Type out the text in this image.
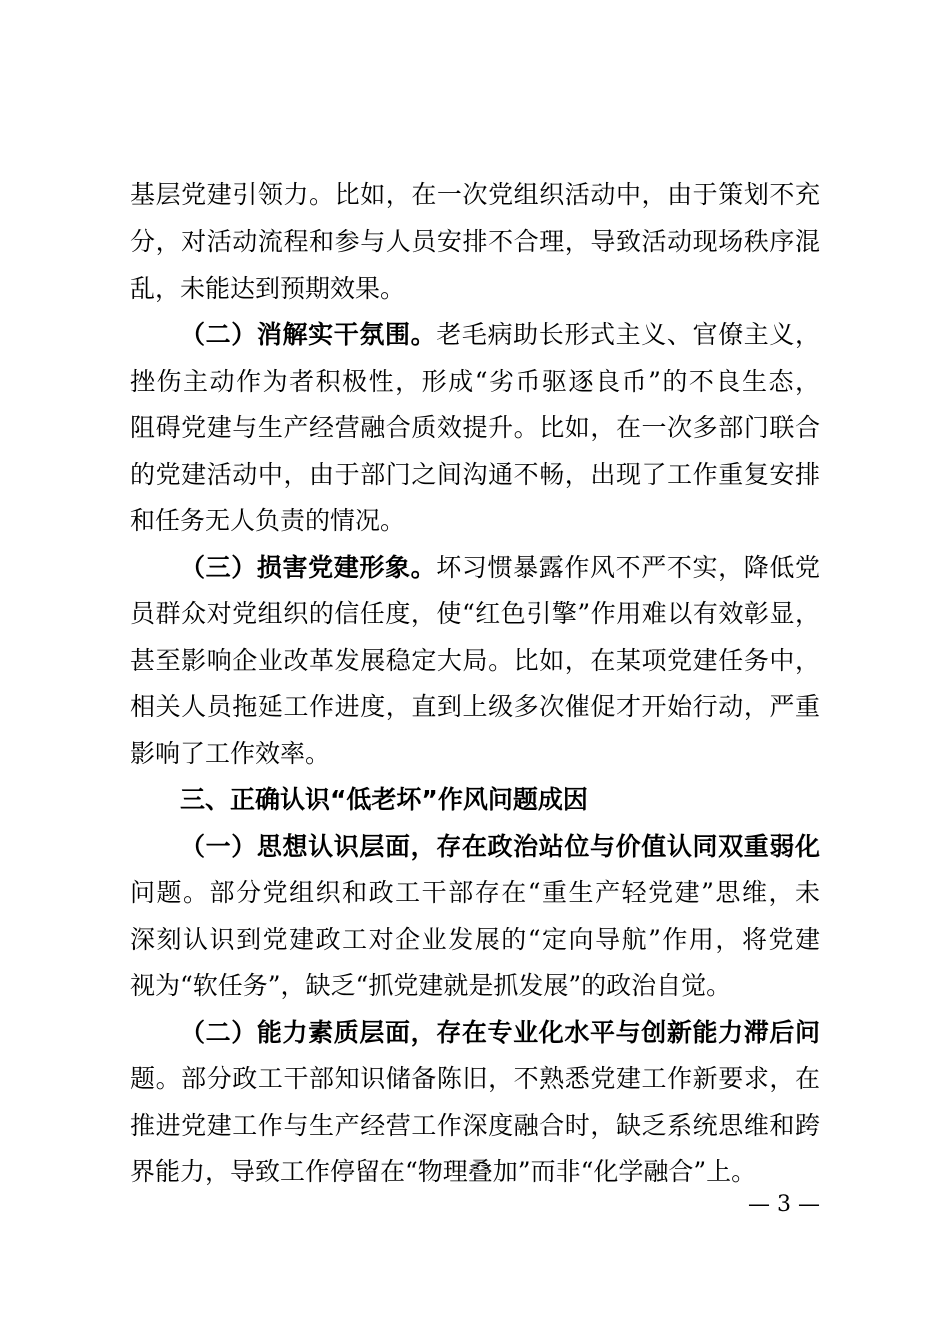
基层党建引领力。比如，在一次党组织活动中，由于策划不充
分，对活动流程和参与人员安排不合理，导致活动现场秩序混
乱，未能达到预期效果。
（二）消解实干氛围。老毛病助长形式主义、官僚主义，
挫伤主动作为者积极性，形成“劣币驱逐良币”的不良生态，
阻碍党建与生产经营融合质效提升。比如，在一次多部门联合
的党建活动中，由于部门之间沟通不畅，出现了工作重复安排
和任务无人负责的情况。
（三）损害党建形象。坏习惯暴露作风不严不实，降低党
员群众对党组织的信任度，使“红色引擎”作用难以有效彰显，
甚至影响企业改革发展稳定大局。比如，在某项党建任务中，
相关人员拖延工作进度，直到上级多次催促才开始行动，严重
影响了工作效率。
三、正确认识“低老坏”作风问题成因
（一）思想认识层面，存在政治站位与价值认同双重弱化
问题。部分党组织和政工干部存在“重生产轻党建”思维，未
深刻认识到党建政工对企业发展的“定向导航”作用，将党建
视为“软任务”，缺乏“抓党建就是抓发展”的政治自觉。
（二）能力素质层面，存在专业化水平与创新能力滞后问
题。部分政工干部知识储备陈旧，不熟悉党建工作新要求，在
推进党建工作与生产经营工作深度融合时，缺乏系统思维和跨
界能力，导致工作停留在“物理叠加”而非“化学融合”上。
— 3 —
